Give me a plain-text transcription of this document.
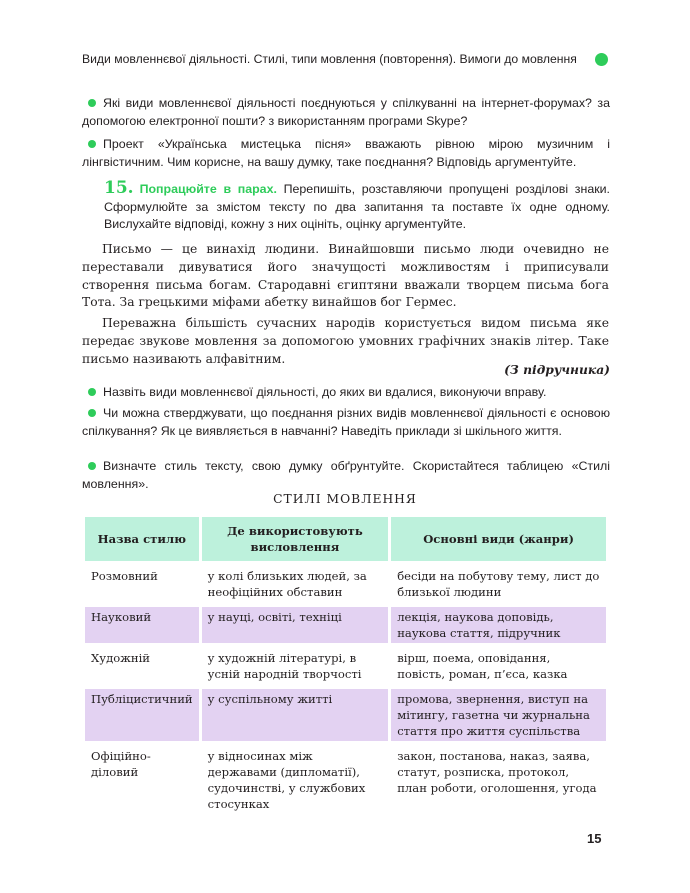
Види мовленнєвої діяльності. Стилі, типи мовлення (повторення). Вимоги до мовлення
Які види мовленнєвої діяльності поєднуються у спілкуванні на інтернет-форумах? за допомогою електронної пошти? з використанням програми Skype?
Проект «Українська мистецька пісня» вважають рівною мірою музичним і лінгвістичним. Чим корисне, на вашу думку, таке поєднання? Відповідь аргументуйте.
15. Попрацюйте в парах. Перепишіть, розставляючи пропущені розділові знаки. Сформулюйте за змістом тексту по два запитання та поставте їх одне одному. Вислухайте відповіді, кожну з них оцініть, оцінку аргументуйте.

Письмо — це винахід людини. Винайшовши письмо люди очевидно не переставали дивуватися його значущості можливостям і приписували створення письма богам. Стародавні єгиптяни вважали творцем письма бога Тота. За грецькими міфами абетку винайшов бог Гермес.

Переважна більшість сучасних народів користується видом письма яке передає звукове мовлення за допомогою умовних графічних знаків літер. Таке письмо називають алфавітним.

(З підручника)
Назвіть види мовленнєвої діяльності, до яких ви вдалися, виконуючи вправу.
Чи можна стверджувати, що поєднання різних видів мовленнєвої діяльності є основою спілкування? Як це виявляється в навчанні? Наведіть приклади зі шкільного життя.
Визначте стиль тексту, свою думку обґрунтуйте. Скористайтеся таблицею «Стилі мовлення».
СТИЛІ МОВЛЕННЯ
Назва стилю	Де використовують висловлення	Основні види (жанри)
Розмовний	у колі близьких людей, за неофіційних обставин	бесіди на побутову тему, лист до близької людини
Науковий	у науці, освіті, техніці	лекція, наукова доповідь, наукова стаття, підручник
Художній	у художній літературі, в усній народній творчості	вірш, поема, оповідання, повість, роман, п’єса, казка
Публіцистичний	у суспільному житті	промова, звернення, виступ на мітингу, газетна чи журнальна стаття про життя суспільства
Офіційно-діловий	у відносинах між державами (дипломатії), судочинстві, у службових стосунках	закон, постанова, наказ, заява, статут, розписка, протокол, план роботи, оголошення, угода
15
